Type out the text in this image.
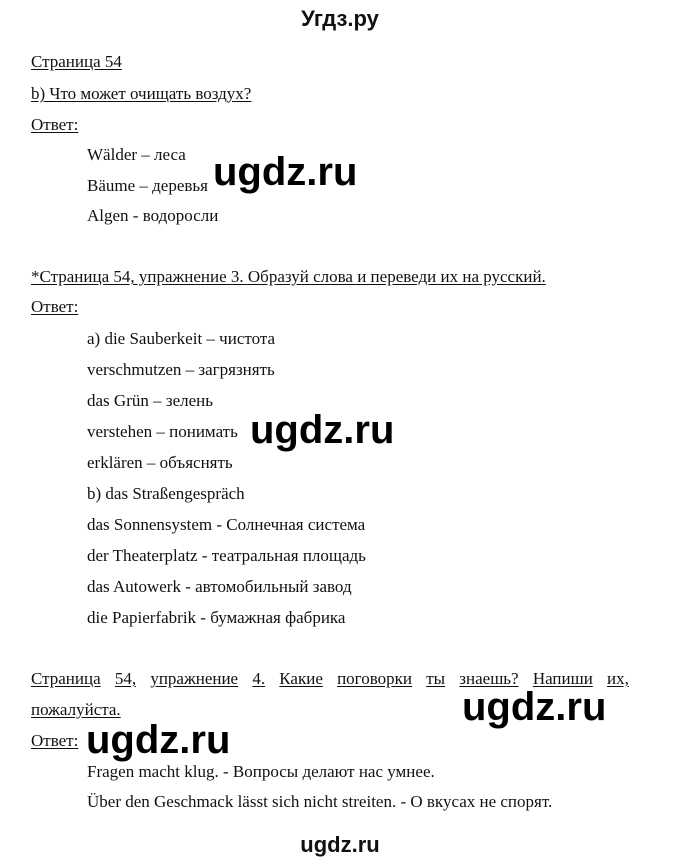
Угдз.ру
Страница 54
b) Что может очищать воздух?
Ответ:
Wälder – леса
Bäume – деревья
Algen - водоросли
ugdz.ru
*Страница 54, упражнение 3. Образуй слова и переведи их на русский.
Ответ:
a) die Sauberkeit – чистота
verschmutzen – загрязнять
das Grün – зелень
verstehen – понимать
erklären – объяснять
b) das Straßengespräch
das Sonnensystem - Солнечная система
der Theaterplatz - театральная площадь
das Autowerk - автомобильный завод
die Papierfabrik - бумажная фабрика
ugdz.ru
Страница 54, упражнение 4. Какие поговорки ты знаешь? Напиши их,
пожалуйста.
Ответ:
Fragen macht klug. - Вопросы делают нас умнее.
Über den Geschmack lässt sich nicht streiten. - О вкусах не спорят.
ugdz.ru
ugdz.ru
ugdz.ru
